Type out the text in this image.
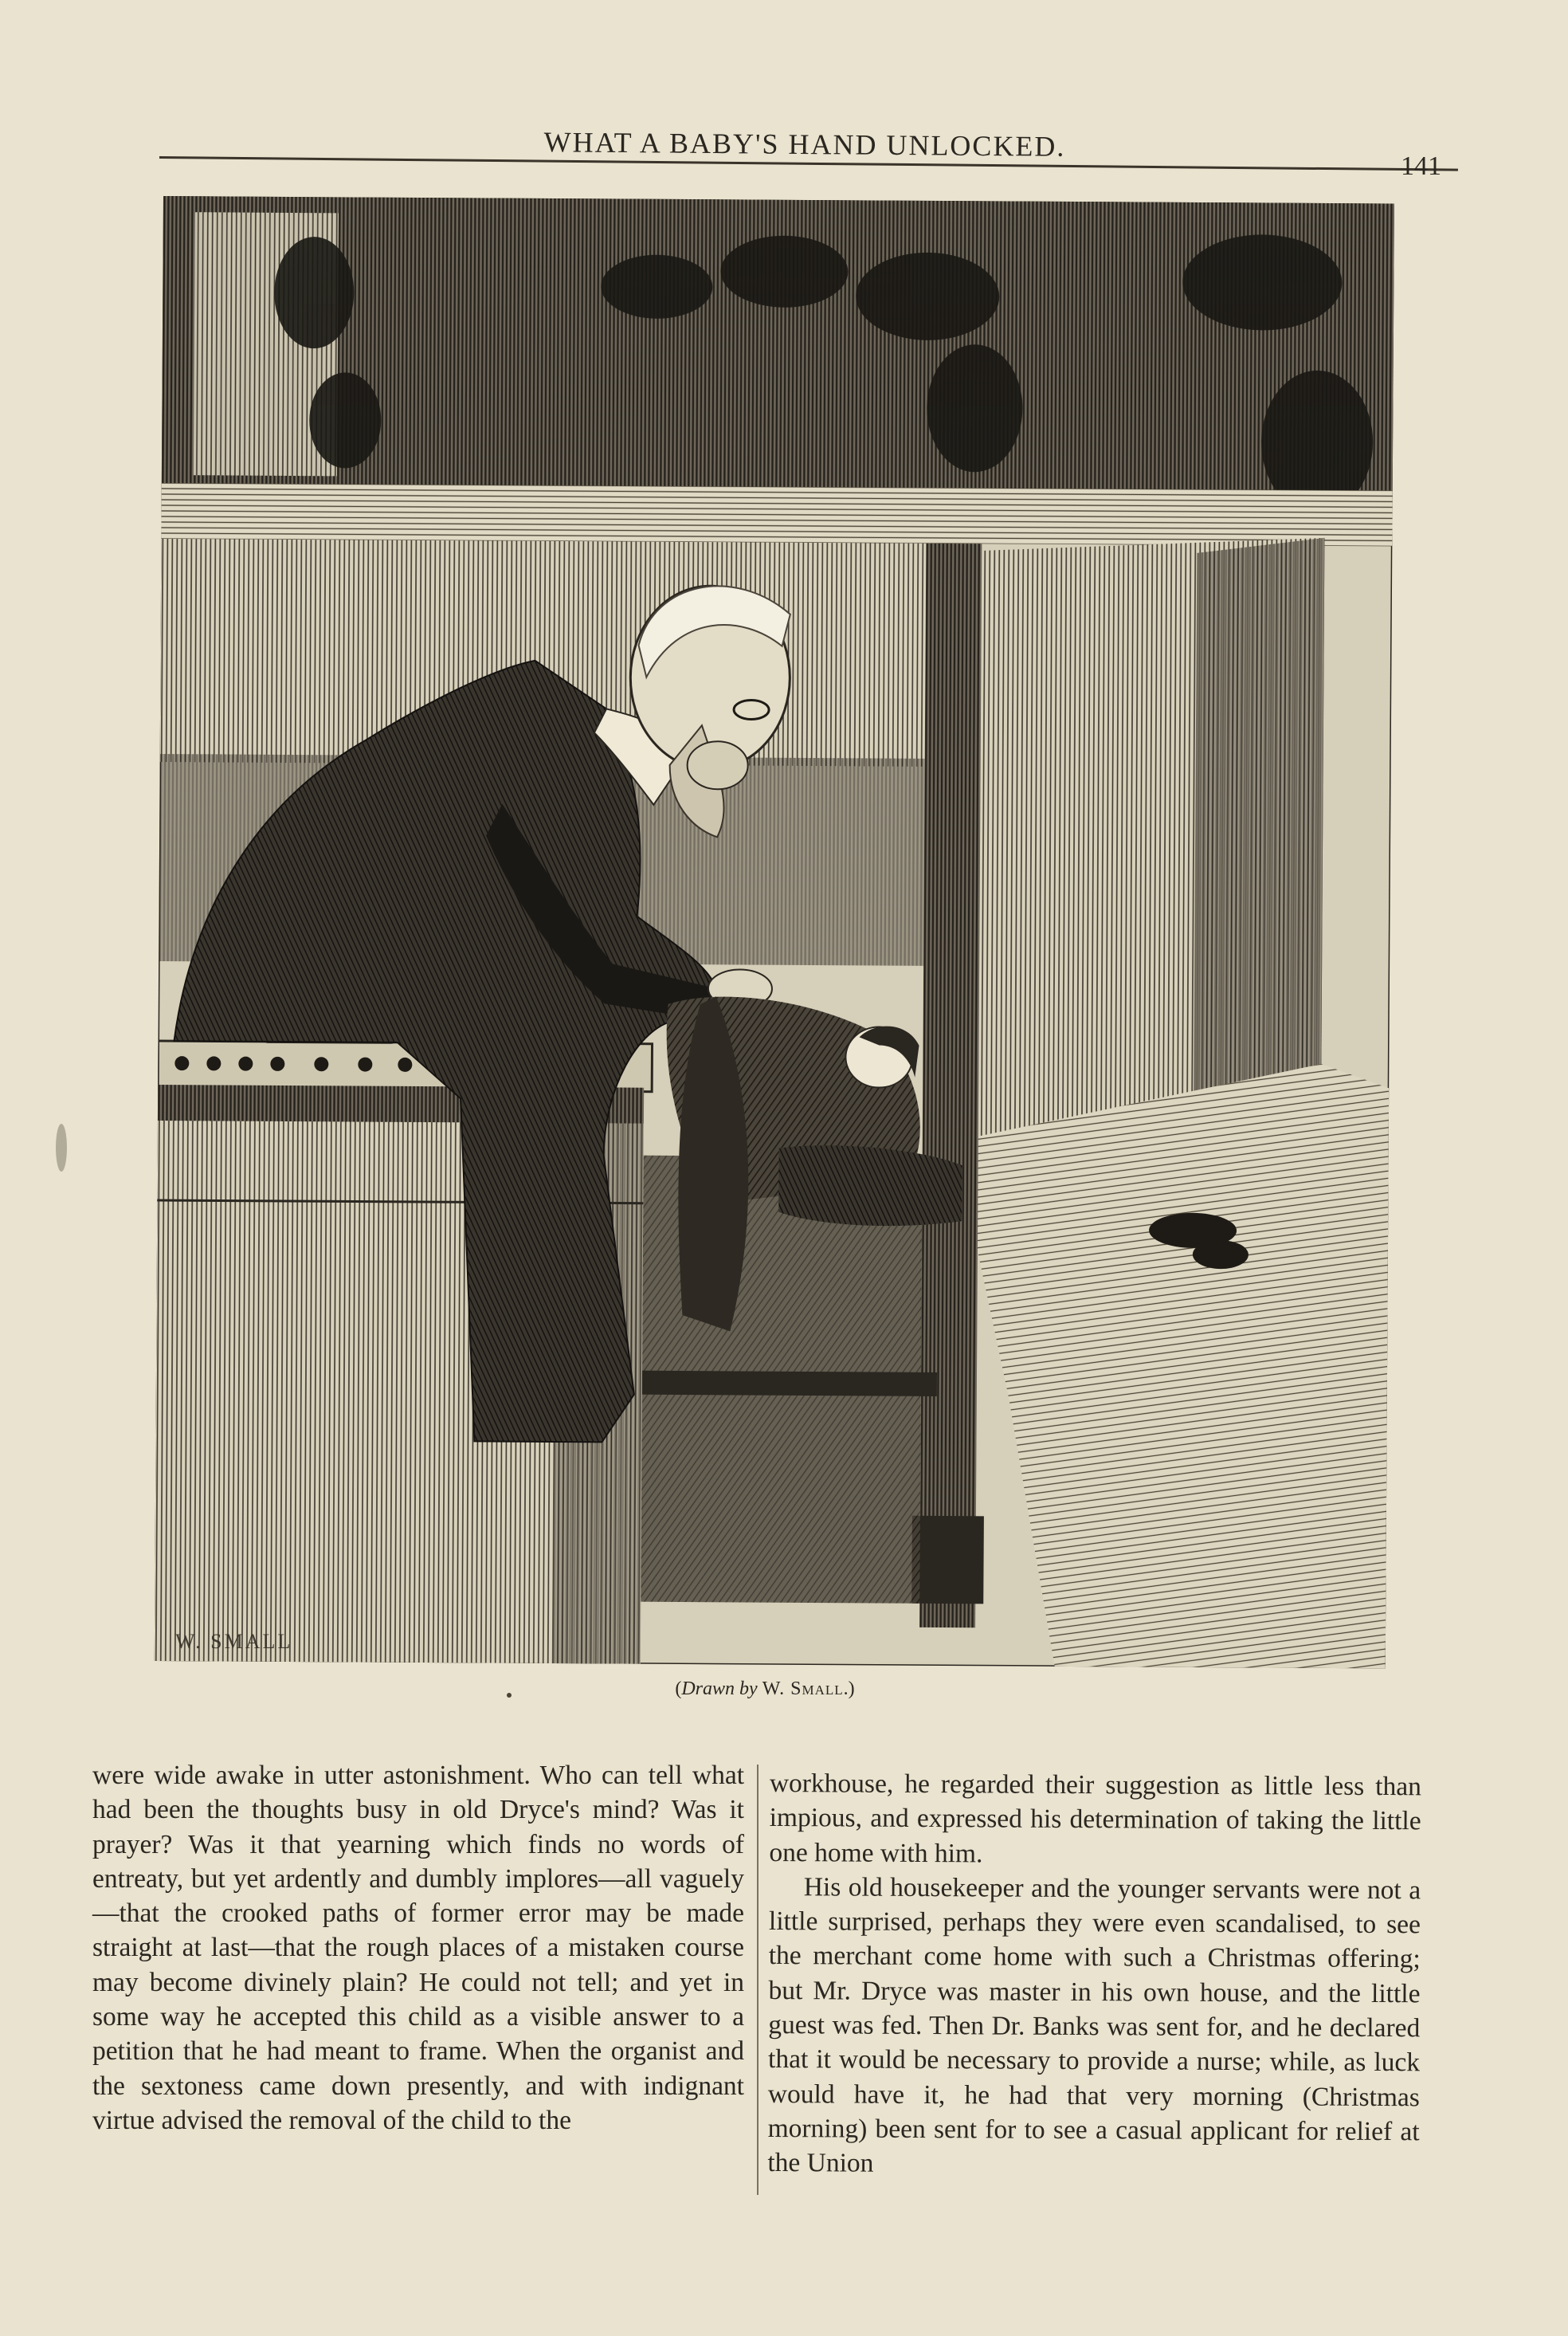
WHAT A BABY'S HAND UNLOCKED.
141
W. SMALL
(Drawn by W. Small.)

were wide awake in utter astonishment. Who can tell what had been the thoughts busy in old Dryce's mind? Was it prayer? Was it that yearning which finds no words of entreaty, but yet ardently and dumbly implores—all vaguely—that the crooked paths of former error may be made straight at last—that the rough places of a mistaken course may become divinely plain? He could not tell; and yet in some way he accepted this child as a visible answer to a petition that he had meant to frame. When the organist and the sextoness came down presently, and with indignant virtue advised the removal of the child to the

workhouse, he regarded their suggestion as little less than impious, and expressed his determination of taking the little one home with him.

His old housekeeper and the younger servants were not a little surprised, perhaps they were even scandalised, to see the merchant come home with such a Christmas offering; but Mr. Dryce was master in his own house, and the little guest was fed. Then Dr. Banks was sent for, and he declared that it would be necessary to provide a nurse; while, as luck would have it, he had that very morning (Christmas morning) been sent for to see a casual applicant for relief at the Union
